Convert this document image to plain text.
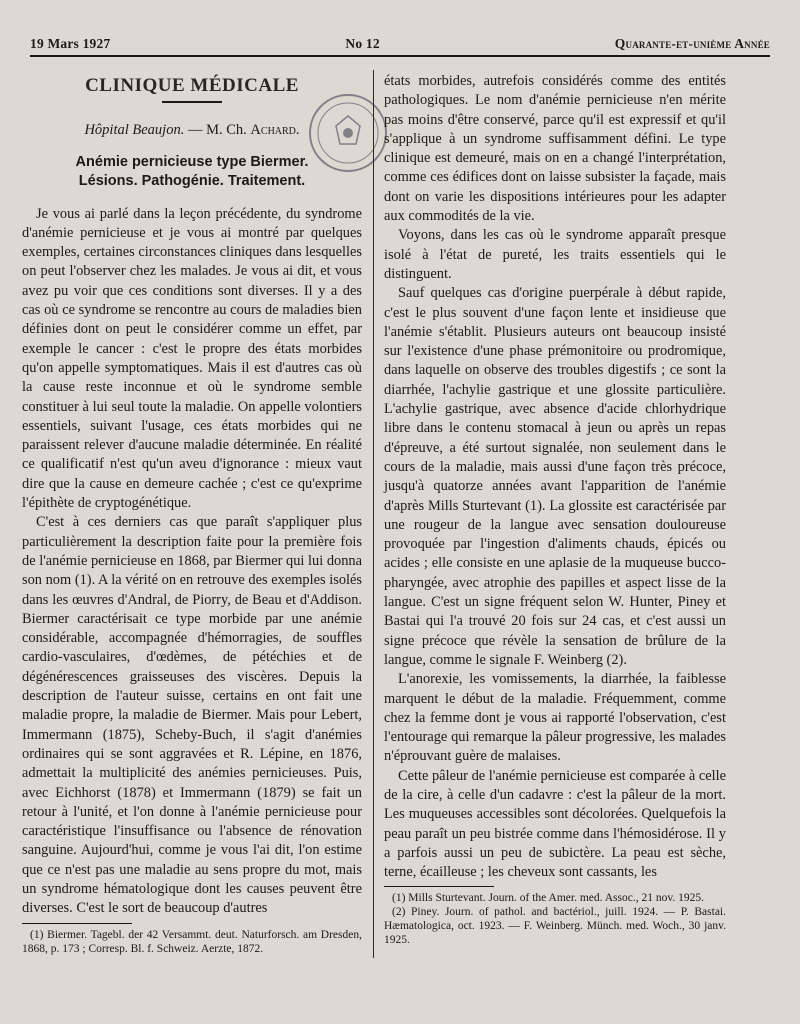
19 Mars 1927	No 12	Quarante-et-unième Année
CLINIQUE MÉDICALE
Hôpital Beaujon. — M. Ch. Achard.
Anémie pernicieuse type Biermer.
Lésions. Pathogénie. Traitement.

Je vous ai parlé dans la leçon précédente, du syndrome d'anémie pernicieuse et je vous ai montré par quelques exemples, certaines circonstances cliniques dans lesquelles on peut l'observer chez les malades. Je vous ai dit, et vous avez pu voir que ces conditions sont diverses. Il y a des cas où ce syndrome se rencontre au cours de maladies bien définies dont on peut le considérer comme un effet, par exemple le cancer : c'est le propre des états morbides qu'on appelle symptomatiques. Mais il est d'autres cas où la cause reste inconnue et où le syndrome semble constituer à lui seul toute la maladie. On appelle volontiers essentiels, suivant l'usage, ces états morbides qui ne paraissent relever d'aucune maladie déterminée. En réalité ce qualificatif n'est qu'un aveu d'ignorance : mieux vaut dire que la cause en demeure cachée ; c'est ce qu'exprime l'épithète de cryptogénétique.

C'est à ces derniers cas que paraît s'appliquer plus particulièrement la description faite pour la première fois de l'anémie pernicieuse en 1868, par Biermer qui lui donna son nom (1). A la vérité on en retrouve des exemples isolés dans les œuvres d'Andral, de Piorry, de Beau et d'Addison. Biermer caractérisait ce type morbide par une anémie considérable, accompagnée d'hémorragies, de souffles cardio-vasculaires, d'œdèmes, de pétéchies et de dégénérescences graisseuses des viscères. Depuis la description de l'auteur suisse, certains en ont fait une maladie propre, la maladie de Biermer. Mais pour Lebert, Immermann (1875), Scheby-Buch, il s'agit d'anémies ordinaires qui se sont aggravées et R. Lépine, en 1876, admettait la multiplicité des anémies pernicieuses. Puis, avec Eichhorst (1878) et Immermann (1879) se fait un retour à l'unité, et l'on donne à l'anémie pernicieuse pour caractéristique l'insuffisance ou l'absence de rénovation sanguine. Aujourd'hui, comme je vous l'ai dit, l'on estime que ce n'est pas une maladie au sens propre du mot, mais un syndrome hématologique dont les causes peuvent être diverses. C'est le sort de beaucoup d'autres

(1) Biermer. Tagebl. der 42 Versammt. deut. Naturforsch. am Dresden, 1868, p. 173 ; Corresp. Bl. f. Schweiz. Aerzte, 1872.

états morbides, autrefois considérés comme des entités pathologiques. Le nom d'anémie pernicieuse n'en mérite pas moins d'être conservé, parce qu'il est expressif et qu'il s'applique à un syndrome suffisamment défini. Le type clinique est demeuré, mais on en a changé l'interprétation, comme ces édifices dont on laisse subsister la façade, mais dont on varie les dispositions intérieures pour les adapter aux commodités de la vie.

Voyons, dans les cas où le syndrome apparaît presque isolé à l'état de pureté, les traits essentiels qui le distinguent.

Sauf quelques cas d'origine puerpérale à début rapide, c'est le plus souvent d'une façon lente et insidieuse que l'anémie s'établit. Plusieurs auteurs ont beaucoup insisté sur l'existence d'une phase prémonitoire ou prodromique, dans laquelle on observe des troubles digestifs ; ce sont la diarrhée, l'achylie gastrique et une glossite particulière. L'achylie gastrique, avec absence d'acide chlorhydrique libre dans le contenu stomacal à jeun ou après un repas d'épreuve, a été surtout signalée, non seulement dans le cours de la maladie, mais aussi d'une façon très précoce, jusqu'à quatorze années avant l'apparition de l'anémie d'après Mills Sturtevant (1). La glossite est caractérisée par une rougeur de la langue avec sensation douloureuse provoquée par l'ingestion d'aliments chauds, épicés ou acides ; elle consiste en une aplasie de la muqueuse bucco-pharyngée, avec atrophie des papilles et aspect lisse de la langue. C'est un signe fréquent selon W. Hunter, Piney et Bastai qui l'a trouvé 20 fois sur 24 cas, et c'est aussi un signe précoce que révèle la sensation de brûlure de la langue, comme le signale F. Weinberg (2).

L'anorexie, les vomissements, la diarrhée, la faiblesse marquent le début de la maladie. Fréquemment, comme chez la femme dont je vous ai rapporté l'observation, c'est l'entourage qui remarque la pâleur progressive, les malades n'éprouvant guère de malaises.

Cette pâleur de l'anémie pernicieuse est comparée à celle de la cire, à celle d'un cadavre : c'est la pâleur de la mort. Les muqueuses accessibles sont décolorées. Quelquefois la peau paraît un peu bistrée comme dans l'hémosidérose. Il y a parfois aussi un peu de subictère. La peau est sèche, terne, écailleuse ; les cheveux sont cassants, les

(1) Mills Sturtevant. Journ. of the Amer. med. Assoc., 21 nov. 1925.

(2) Piney. Journ. of pathol. and bactériol., juill. 1924. — P. Bastai. Hæmatologica, oct. 1923. — F. Weinberg. Münch. med. Woch., 30 janv. 1925.
